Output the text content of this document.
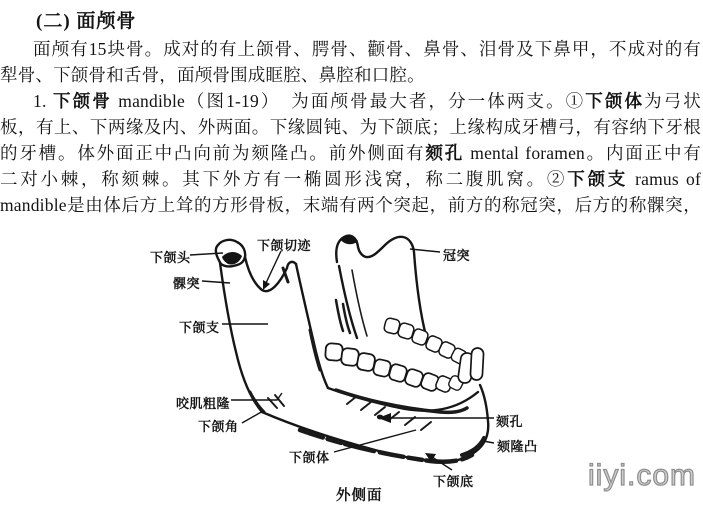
(二) 面颅骨
面颅有15块骨。成对的有上颌骨、腭骨、颧骨、鼻骨、泪骨及下鼻甲，不成对的有
犁骨、下颌骨和舌骨，面颅骨围成眶腔、鼻腔和口腔。
1. 下颌骨 mandible（图1-19）　为面颅骨最大者，分一体两支。①下颌体为弓状
板，有上、下两缘及内、外两面。下缘圆钝、为下颌底；上缘构成牙槽弓，有容纳下牙根
的牙槽。体外面正中凸向前为颏隆凸。前外侧面有颏孔 mental foramen。内面正中有
二对小棘，称颏棘。其下外方有一椭圆形浅窝，称二腹肌窝。②下颌支 ramus of
mandible是由体后方上耸的方形骨板，末端有两个突起，前方的称冠突，后方的称髁突，
下颌头
髁突
下颌支
咬肌粗隆
下颌角
下颌切迹
冠突
颏孔
颏隆凸
下颌体
下颌底
外侧面
iiyi.com
